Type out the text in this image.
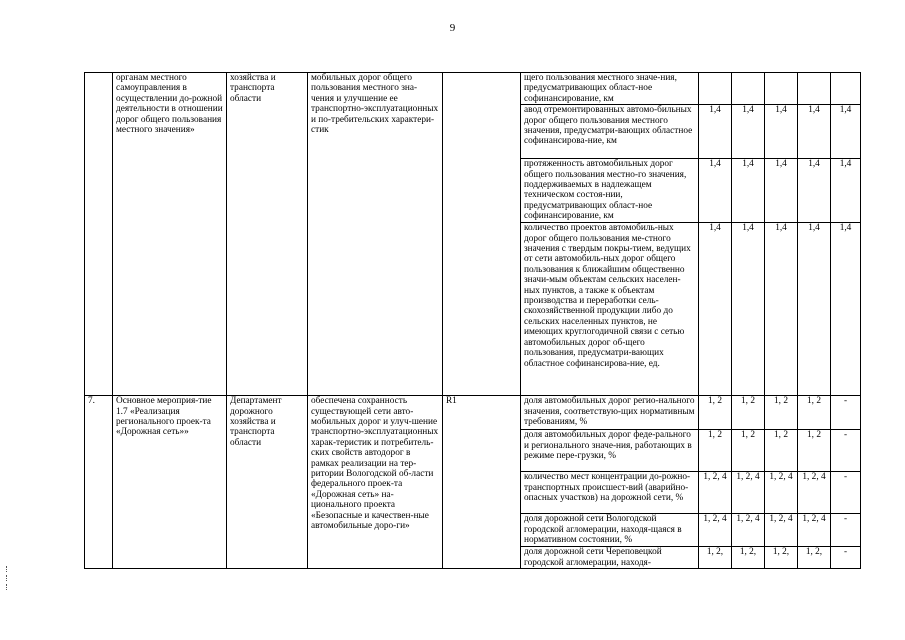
9
	органам местного самоуправления в осуществлении до-рожной деятельности в отношении дорог общего пользования местного значения»	хозяйства и транспорта области	мобильных дорог общего пользования местного зна-чения и улучшение ее транспортно-эксплуатационных и по-требительских характери-стик		щего пользования местного значе-ния, предусматривающих област-ное софинансирование, км					
					авод отремонтированных автомо-бильных дорог общего пользования местного значения, предусматри-вающих областное софинансирова-ние, км	1,4	1,4	1,4	1,4	1,4
					протяженность автомобильных дорог общего пользования местно-го значения, поддерживаемых в надлежащем техническом состоя-нии, предусматривающих област-ное софинансирование, км	1,4	1,4	1,4	1,4	1,4
					количество проектов автомобиль-ных дорог общего пользования ме-стного значения с твердым покры-тием, ведущих от сети автомобиль-ных дорог общего пользования к ближайшим общественно значи-мым объектам сельских населен-ных пунктов, а также к объектам производства и переработки сель-скохозяйственной продукции либо до сельских населенных пунктов, не имеющих круглогодичной связи с сетью автомобильных дорог об-щего пользования, предусматри-вающих областное софинансирова-ние, ед.	1,4	1,4	1,4	1,4	1,4
7.	Основное мероприя-тие 1.7 «Реализация регионального проек-та «Дорожная сеть»»	Департамент дорожного хозяйства и транспорта области	обеспечена сохранность существующей сети авто-мобильных дорог и улуч-шение транспортно-эксплуатационных харак-теристик и потребитель-ских свойств автодорог в рамках реализации на тер-ритории Вологодской об-ласти федерального проек-та «Дорожная сеть» на-ционального проекта «Безопасные и качествен-ные автомобильные доро-ги»	R1	доля автомобильных дорог регио-нального значения, соответствую-щих нормативным требованиям, %	1, 2	1, 2	1, 2	1, 2	-
					доля автомобильных дорог феде-рального и регионального значе-ния, работающих в режиме пере-грузки, %	1, 2	1, 2	1, 2	1, 2	-
					количество мест концентрации до-рожно-транспортных происшест-вий (аварийно-опасных участков) на дорожной сети, %	1, 2, 4	1, 2, 4	1, 2, 4	1, 2, 4	-
					доля дорожной сети Вологодской городской агломерации, находя-щаяся в нормативном состоянии, %	1, 2, 4	1, 2, 4	1, 2, 4	1, 2, 4	-
					доля дорожной сети Череповецкой городской агломерации, находя-	1, 2,	1, 2,	1, 2,	1, 2,	-
